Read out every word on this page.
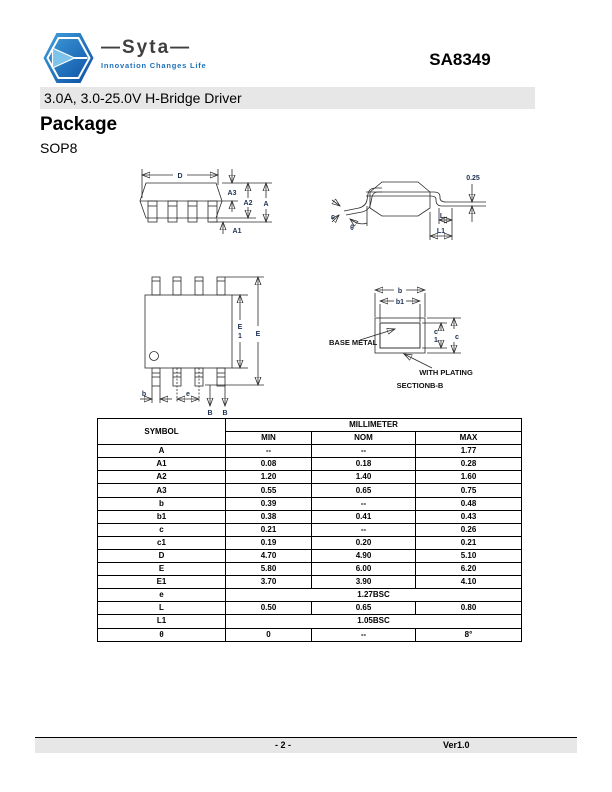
—Syta—
Innovation Changes Life	SA8349
3.0A, 3.0-25.0V H-Bridge Driver
Package
SOP8
D
A3
A2 A
A1
c
θ
0.25
L
L1
E
1 E
b	e
B B
b
b1
c
c
1
BASE METAL
WITH PLATING
SECTIONB-B
SYMBOL	MILLIMETER		
	MIN	NOM	MAX
A	--	--	1.77
A1	0.08	0.18	0.28
A2	1.20	1.40	1.60
A3	0.55	0.65	0.75
b	0.39	--	0.48
b1	0.38	0.41	0.43
c	0.21	--	0.26
c1	0.19	0.20	0.21
D	4.70	4.90	5.10
E	5.80	6.00	6.20
E1	3.70	3.90	4.10
e	1.27BSC		
L	0.50	0.65	0.80
L1	1.05BSC		
θ	0	--	8°
- 2 -	Ver1.0
